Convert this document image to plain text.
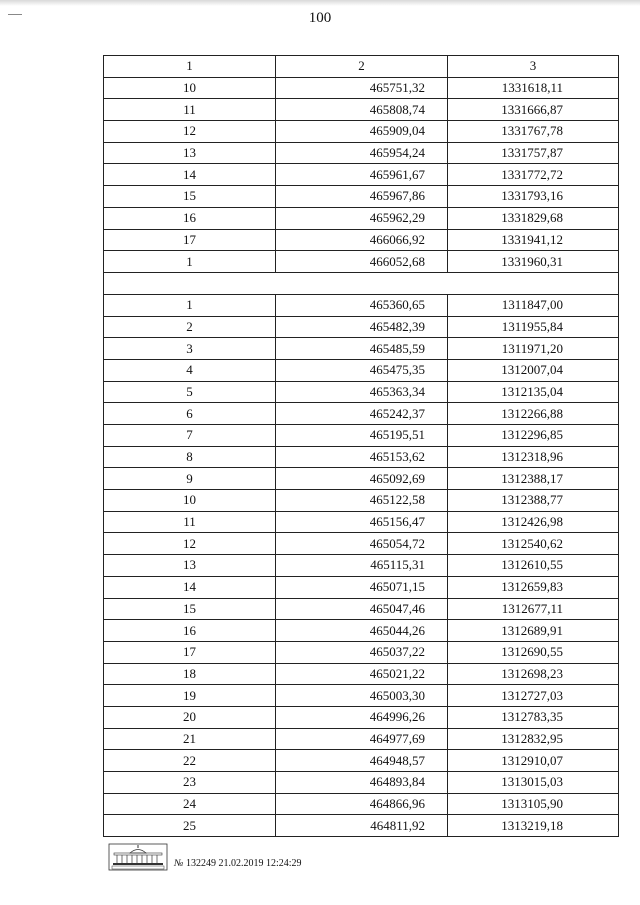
100
1	2	3
10	465751,32	1331618,11
11	465808,74	1331666,87
12	465909,04	1331767,78
13	465954,24	1331757,87
14	465961,67	1331772,72
15	465967,86	1331793,16
16	465962,29	1331829,68
17	466066,92	1331941,12
1	466052,68	1331960,31

1	465360,65	1311847,00
2	465482,39	1311955,84
3	465485,59	1311971,20
4	465475,35	1312007,04
5	465363,34	1312135,04
6	465242,37	1312266,88
7	465195,51	1312296,85
8	465153,62	1312318,96
9	465092,69	1312388,17
10	465122,58	1312388,77
11	465156,47	1312426,98
12	465054,72	1312540,62
13	465115,31	1312610,55
14	465071,15	1312659,83
15	465047,46	1312677,11
16	465044,26	1312689,91
17	465037,22	1312690,55
18	465021,22	1312698,23
19	465003,30	1312727,03
20	464996,26	1312783,35
21	464977,69	1312832,95
22	464948,57	1312910,07
23	464893,84	1313015,03
24	464866,96	1313105,90
25	464811,92	1313219,18
№ 132249 21.02.2019 12:24:29
